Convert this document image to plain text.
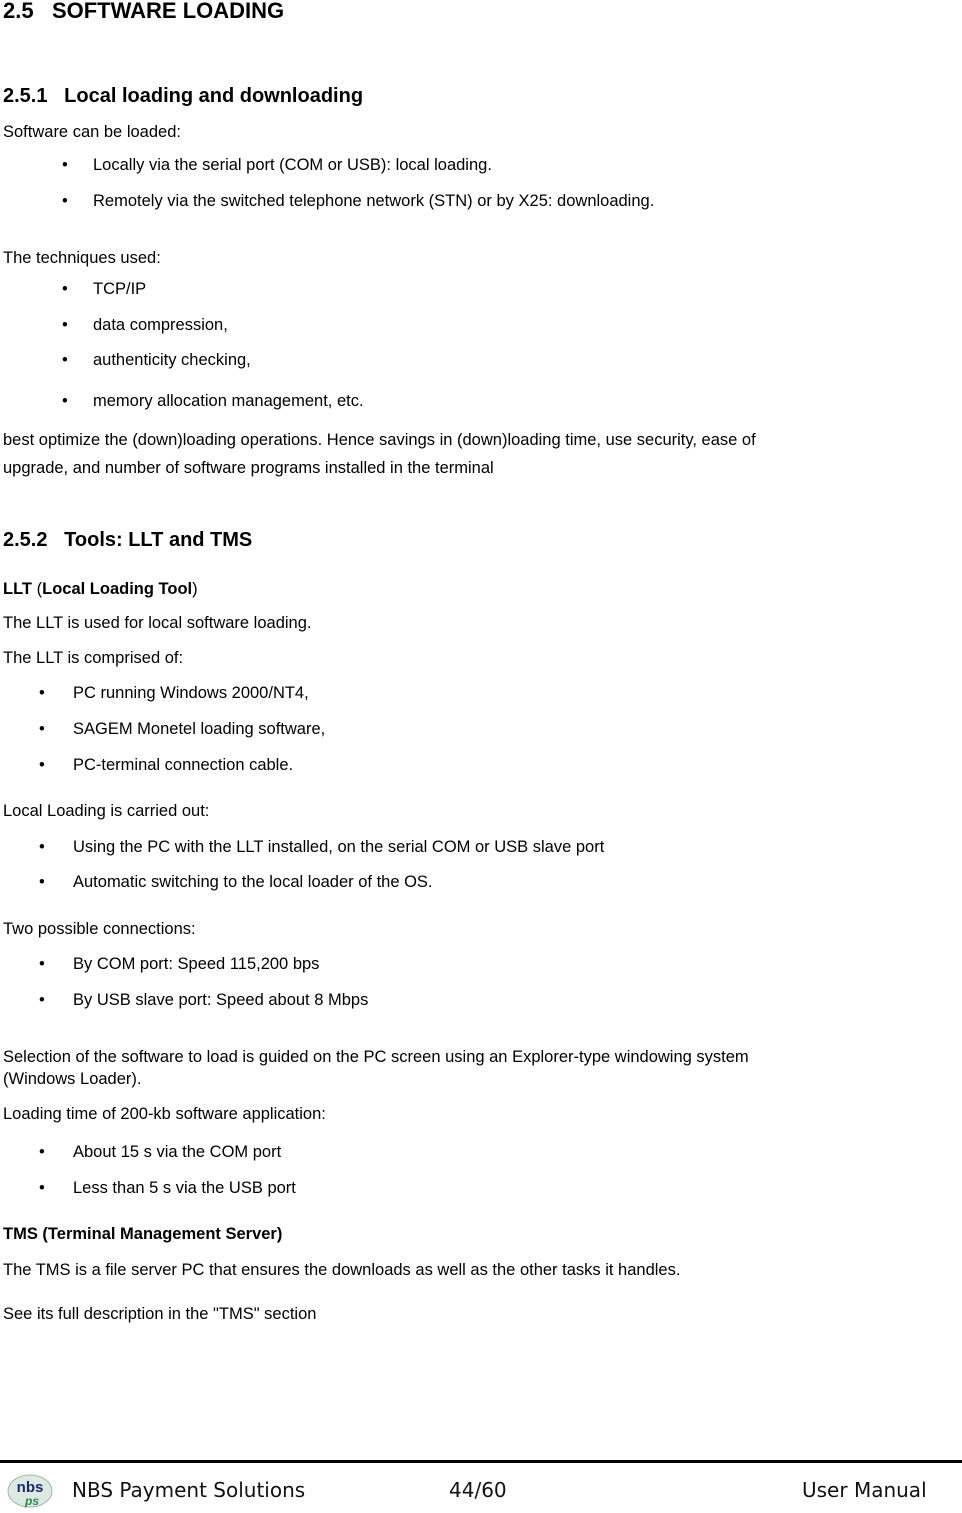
2.5 SOFTWARE LOADING
2.5.1 Local loading and downloading
Software can be loaded:
• Locally via the serial port (COM or USB): local loading.
• Remotely via the switched telephone network (STN) or by X25: downloading.
The techniques used:
• TCP/IP
• data compression,
• authenticity checking,
• memory allocation management, etc.
best optimize the (down)loading operations. Hence savings in (down)loading time, use security, ease of
upgrade, and number of software programs installed in the terminal
2.5.2 Tools: LLT and TMS
LLT (Local Loading Tool)
The LLT is used for local software loading.
The LLT is comprised of:
• PC running Windows 2000/NT4,
• SAGEM Monetel loading software,
• PC-terminal connection cable.
Local Loading is carried out:
• Using the PC with the LLT installed, on the serial COM or USB slave port
• Automatic switching to the local loader of the OS.
Two possible connections:
• By COM port: Speed 115,200 bps
• By USB slave port: Speed about 8 Mbps
Selection of the software to load is guided on the PC screen using an Explorer-type windowing system
(Windows Loader).
Loading time of 200-kb software application:
• About 15 s via the COM port
• Less than 5 s via the USB port
TMS (Terminal Management Server)
The TMS is a file server PC that ensures the downloads as well as the other tasks it handles.
See its full description in the "TMS" section
nbs
ps NBS Payment Solutions	44/60	User Manual
